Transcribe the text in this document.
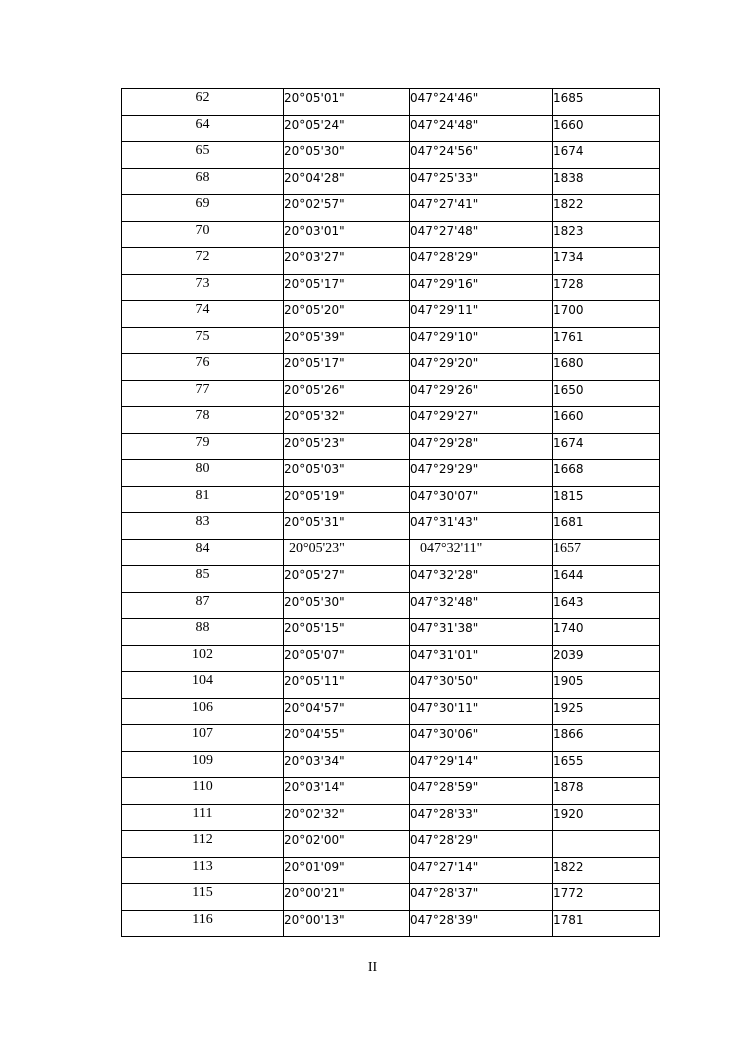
62	20°05'01"	047°24'46"	1685
64	20°05'24"	047°24'48"	1660
65	20°05'30"	047°24'56"	1674
68	20°04'28"	047°25'33"	1838
69	20°02'57"	047°27'41"	1822
70	20°03'01"	047°27'48"	1823
72	20°03'27"	047°28'29"	1734
73	20°05'17"	047°29'16"	1728
74	20°05'20"	047°29'11"	1700
75	20°05'39"	047°29'10"	1761
76	20°05'17"	047°29'20"	1680
77	20°05'26"	047°29'26"	1650
78	20°05'32"	047°29'27"	1660
79	20°05'23"	047°29'28"	1674
80	20°05'03"	047°29'29"	1668
81	20°05'19"	047°30'07"	1815
83	20°05'31"	047°31'43"	1681
84	20°05'23"	047°32'11"	1657
85	20°05'27"	047°32'28"	1644
87	20°05'30"	047°32'48"	1643
88	20°05'15"	047°31'38"	1740
102	20°05'07"	047°31'01"	2039
104	20°05'11"	047°30'50"	1905
106	20°04'57"	047°30'11"	1925
107	20°04'55"	047°30'06"	1866
109	20°03'34"	047°29'14"	1655
110	20°03'14"	047°28'59"	1878
111	20°02'32"	047°28'33"	1920
112	20°02'00"	047°28'29"	
113	20°01'09"	047°27'14"	1822
115	20°00'21"	047°28'37"	1772
116	20°00'13"	047°28'39"	1781
II
